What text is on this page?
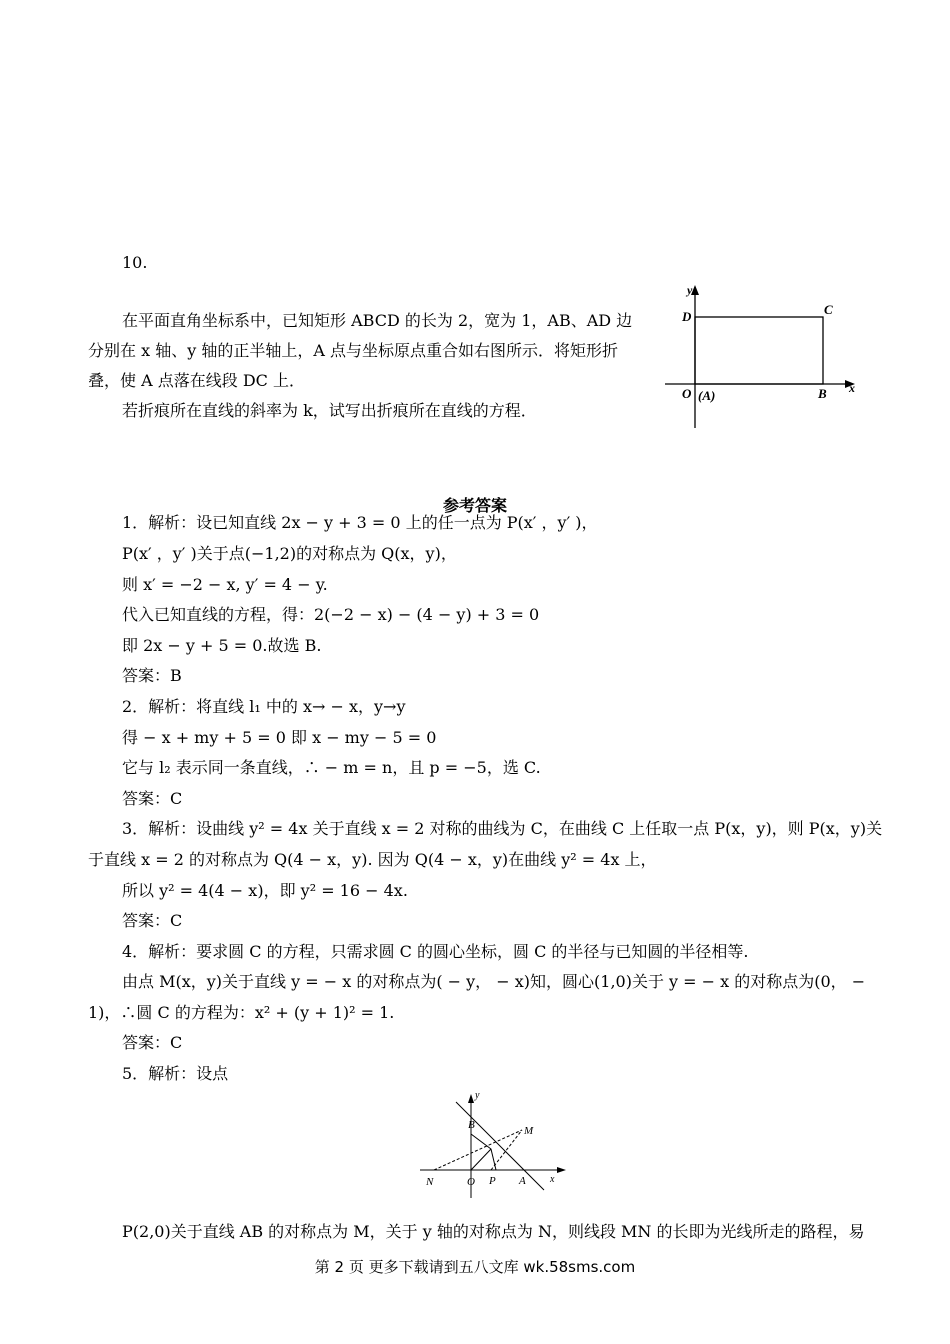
10.
在平面直角坐标系中，已知矩形 ABCD 的长为 2，宽为 1，AB、AD 边
分别在 x 轴、y 轴的正半轴上，A 点与坐标原点重合如右图所示．将矩形折
叠，使 A 点落在线段 DC 上．
若折痕所在直线的斜率为 k，试写出折痕所在直线的方程．
y
D	C
O (A)	B x
参考答案
1．解析：设已知直线 2x − y + 3 = 0 上的任一点为 P(x′ ，y′ )，
P(x′ ，y′ )关于点(−1,2)的对称点为 Q(x，y)，
则 x′ = −2 − x, y′ = 4 − y.
代入已知直线的方程，得：2(−2 − x) − (4 − y) + 3 = 0
即 2x − y + 5 = 0.故选 B.
答案：B
2．解析：将直线 l₁ 中的 x→ − x，y→y
得 − x + my + 5 = 0 即 x − my − 5 = 0
它与 l₂ 表示同一条直线，∴ − m = n，且 p = −5，选 C.
答案：C
3．解析：设曲线 y² = 4x 关于直线 x = 2 对称的曲线为 C，在曲线 C 上任取一点 P(x，y)，则 P(x，y)关
于直线 x = 2 的对称点为 Q(4 − x，y). 因为 Q(4 − x，y)在曲线 y² = 4x 上，
所以 y² = 4(4 − x)，即 y² = 16 − 4x.
答案：C
4．解析：要求圆 C 的方程，只需求圆 C 的圆心坐标，圆 C 的半径与已知圆的半径相等.
由点 M(x，y)关于直线 y = − x 的对称点为( − y， − x)知，圆心(1,0)关于 y = − x 的对称点为(0， −
1)，∴圆 C 的方程为：x² + (y + 1)² = 1.
答案：C
5．解析：设点
y
B	M
N	O P A x
P(2,0)关于直线 AB 的对称点为 M，关于 y 轴的对称点为 N，则线段 MN 的长即为光线所走的路程，易
第 2 页 更多下载请到五八文库 wk.58sms.com
